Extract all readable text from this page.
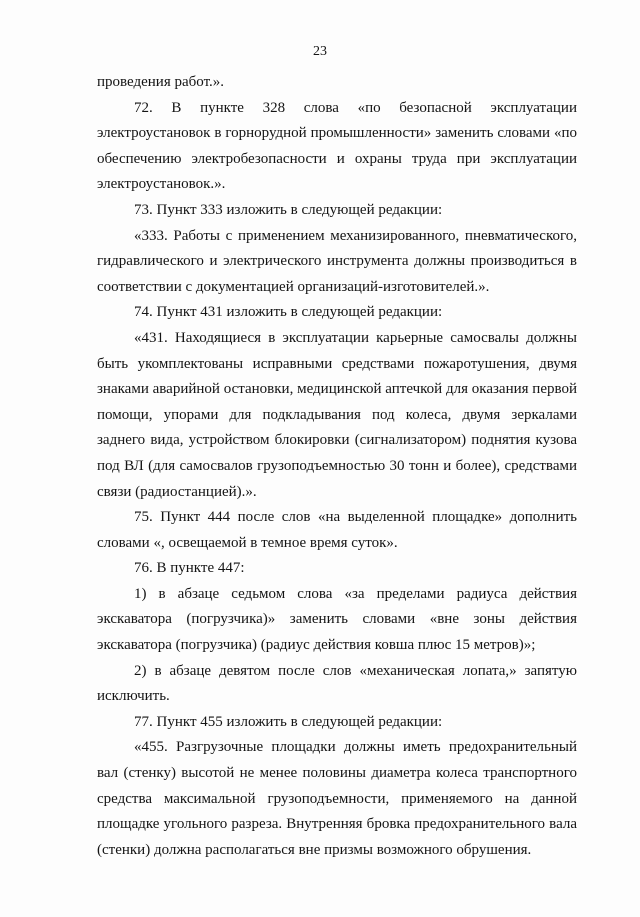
23

проведения работ.».

72. В пункте 328 слова «по безопасной эксплуатации электроустановок в горнорудной промышленности» заменить словами «по обеспечению электробезопасности и охраны труда при эксплуатации электроустановок.».

73. Пункт 333 изложить в следующей редакции:

«333. Работы с применением механизированного, пневматического, гидравлического и электрического инструмента должны производиться в соответствии с документацией организаций-изготовителей.».

74. Пункт 431 изложить в следующей редакции:

«431. Находящиеся в эксплуатации карьерные самосвалы должны быть укомплектованы исправными средствами пожаротушения, двумя знаками аварийной остановки, медицинской аптечкой для оказания первой помощи, упорами для подкладывания под колеса, двумя зеркалами заднего вида, устройством блокировки (сигнализатором) поднятия кузова под ВЛ (для самосвалов грузоподъемностью 30 тонн и более), средствами связи (радиостанцией).».

75. Пункт 444 после слов «на выделенной площадке» дополнить словами «, освещаемой в темное время суток».

76. В пункте 447:

1) в абзаце седьмом слова «за пределами радиуса действия экскаватора (погрузчика)» заменить словами «вне зоны действия экскаватора (погрузчика) (радиус действия ковша плюс 15 метров)»;

2) в абзаце девятом после слов «механическая лопата,» запятую исключить.

77. Пункт 455 изложить в следующей редакции:

«455. Разгрузочные площадки должны иметь предохранительный вал (стенку) высотой не менее половины диаметра колеса транспортного средства максимальной грузоподъемности, применяемого на данной площадке угольного разреза. Внутренняя бровка предохранительного вала (стенки) должна располагаться вне призмы возможного обрушения.
